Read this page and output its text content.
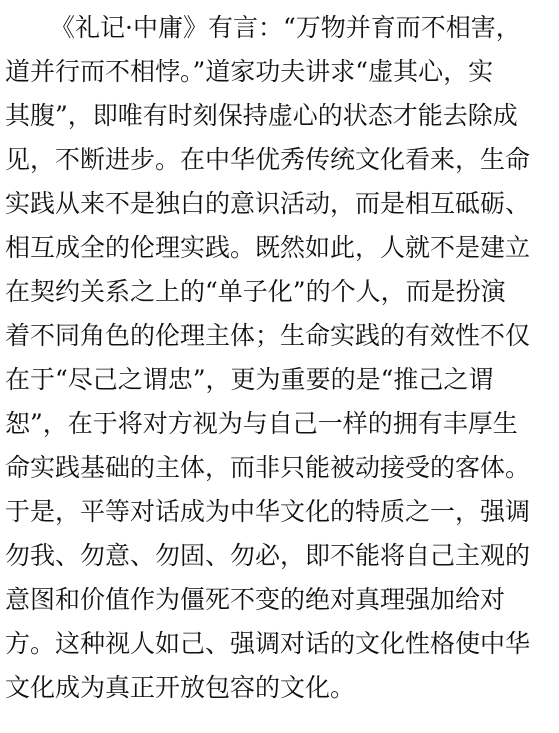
《礼记·中庸》有言：“万物并育而不相害，
道并行而不相悖。”道家功夫讲求“虚其心，实
其腹”，即唯有时刻保持虚心的状态才能去除成
见，不断进步。在中华优秀传统文化看来，生命
实践从来不是独白的意识活动，而是相互砥砺、
相互成全的伦理实践。既然如此，人就不是建立
在契约关系之上的“单子化”的个人，而是扮演
着不同角色的伦理主体；生命实践的有效性不仅
在于“尽己之谓忠”，更为重要的是“推己之谓
恕”，在于将对方视为与自己一样的拥有丰厚生
命实践基础的主体，而非只能被动接受的客体。
于是，平等对话成为中华文化的特质之一，强调
勿我、勿意、勿固、勿必，即不能将自己主观的
意图和价值作为僵死不变的绝对真理强加给对
方。这种视人如己、强调对话的文化性格使中华
文化成为真正开放包容的文化。
